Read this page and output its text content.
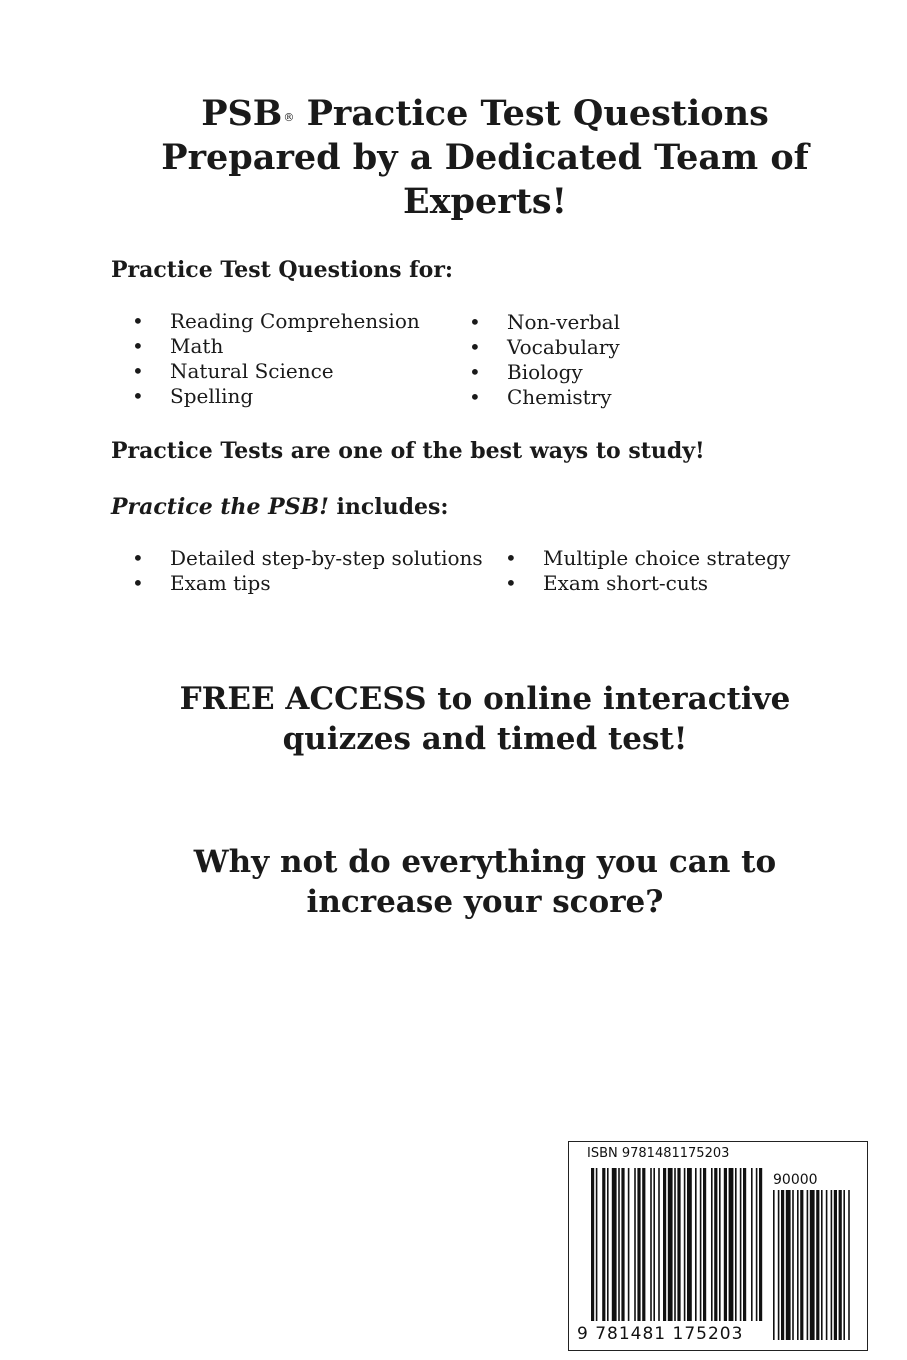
PSB® Practice Test Questions
Prepared by a Dedicated Team of
Experts!
Practice Test Questions for:
• Reading Comprehension
• Math
• Natural Science
• Spelling
• Non-verbal
• Vocabulary
• Biology
• Chemistry
Practice Tests are one of the best ways to study!
Practice the PSB! includes:
• Detailed step-by-step solutions
• Exam tips
• Multiple choice strategy
• Exam short-cuts
FREE ACCESS to online interactive
quizzes and timed test!
Why not do everything you can to
increase your score?
ISBN 9781481175203
90000
9 781481 175203
